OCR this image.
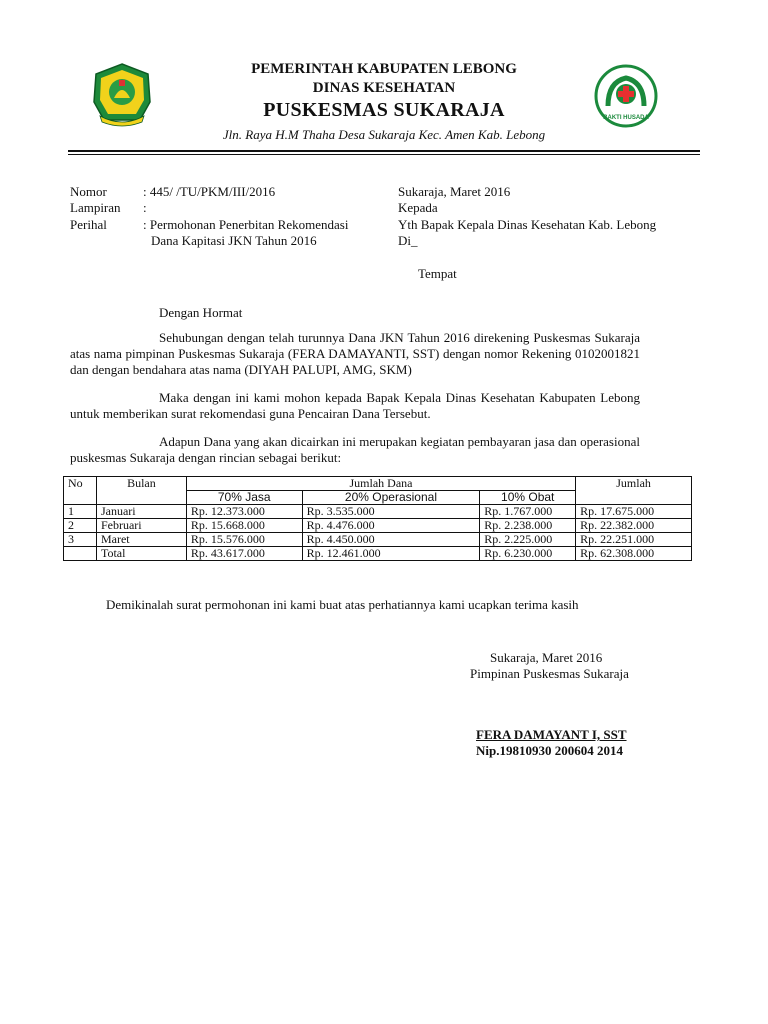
BAKTI HUSADA
PEMERINTAH KABUPATEN LEBONG
DINAS KESEHATAN
PUSKESMAS SUKARAJA
Jln. Raya H.M Thaha Desa Sukaraja Kec. Amen Kab. Lebong
Nomor	: 445/ /TU/PKM/III/2016
Lampiran :
Perihal	: Permohonan Penerbitan Rekomendasi
Dana Kapitasi JKN Tahun 2016
Sukaraja, Maret 2016
Kepada
Yth Bapak Kepala Dinas Kesehatan Kab. Lebong
Di_
Tempat
Dengan Hormat
Sehubungan dengan telah turunnya Dana JKN Tahun 2016 direkening Puskesmas Sukaraja atas nama pimpinan Puskesmas Sukaraja (FERA DAMAYANTI, SST) dengan nomor Rekening 0102001821 dan dengan bendahara atas nama (DIYAH PALUPI, AMG, SKM)
Maka dengan ini kami mohon kepada Bapak Kepala Dinas Kesehatan Kabupaten Lebong untuk memberikan surat rekomendasi guna Pencairan Dana Tersebut.
Adapun Dana yang akan dicairkan ini merupakan kegiatan pembayaran jasa dan operasional puskesmas Sukaraja dengan rincian sebagai berikut:
No	Bulan	Jumlah Dana			Jumlah
		70% Jasa	20% Operasional	10% Obat	
1	Januari	Rp. 12.373.000	Rp. 3.535.000	Rp. 1.767.000	Rp. 17.675.000
2	Februari	Rp. 15.668.000	Rp. 4.476.000	Rp. 2.238.000	Rp. 22.382.000
3	Maret	Rp. 15.576.000	Rp. 4.450.000	Rp. 2.225.000	Rp. 22.251.000
	Total	Rp. 43.617.000	Rp. 12.461.000	Rp. 6.230.000	Rp. 62.308.000
Demikinalah surat permohonan ini kami buat atas perhatiannya kami ucapkan terima kasih
Sukaraja, Maret 2016
Pimpinan Puskesmas Sukaraja
FERA DAMAYANT I, SST
Nip.19810930 200604 2014
